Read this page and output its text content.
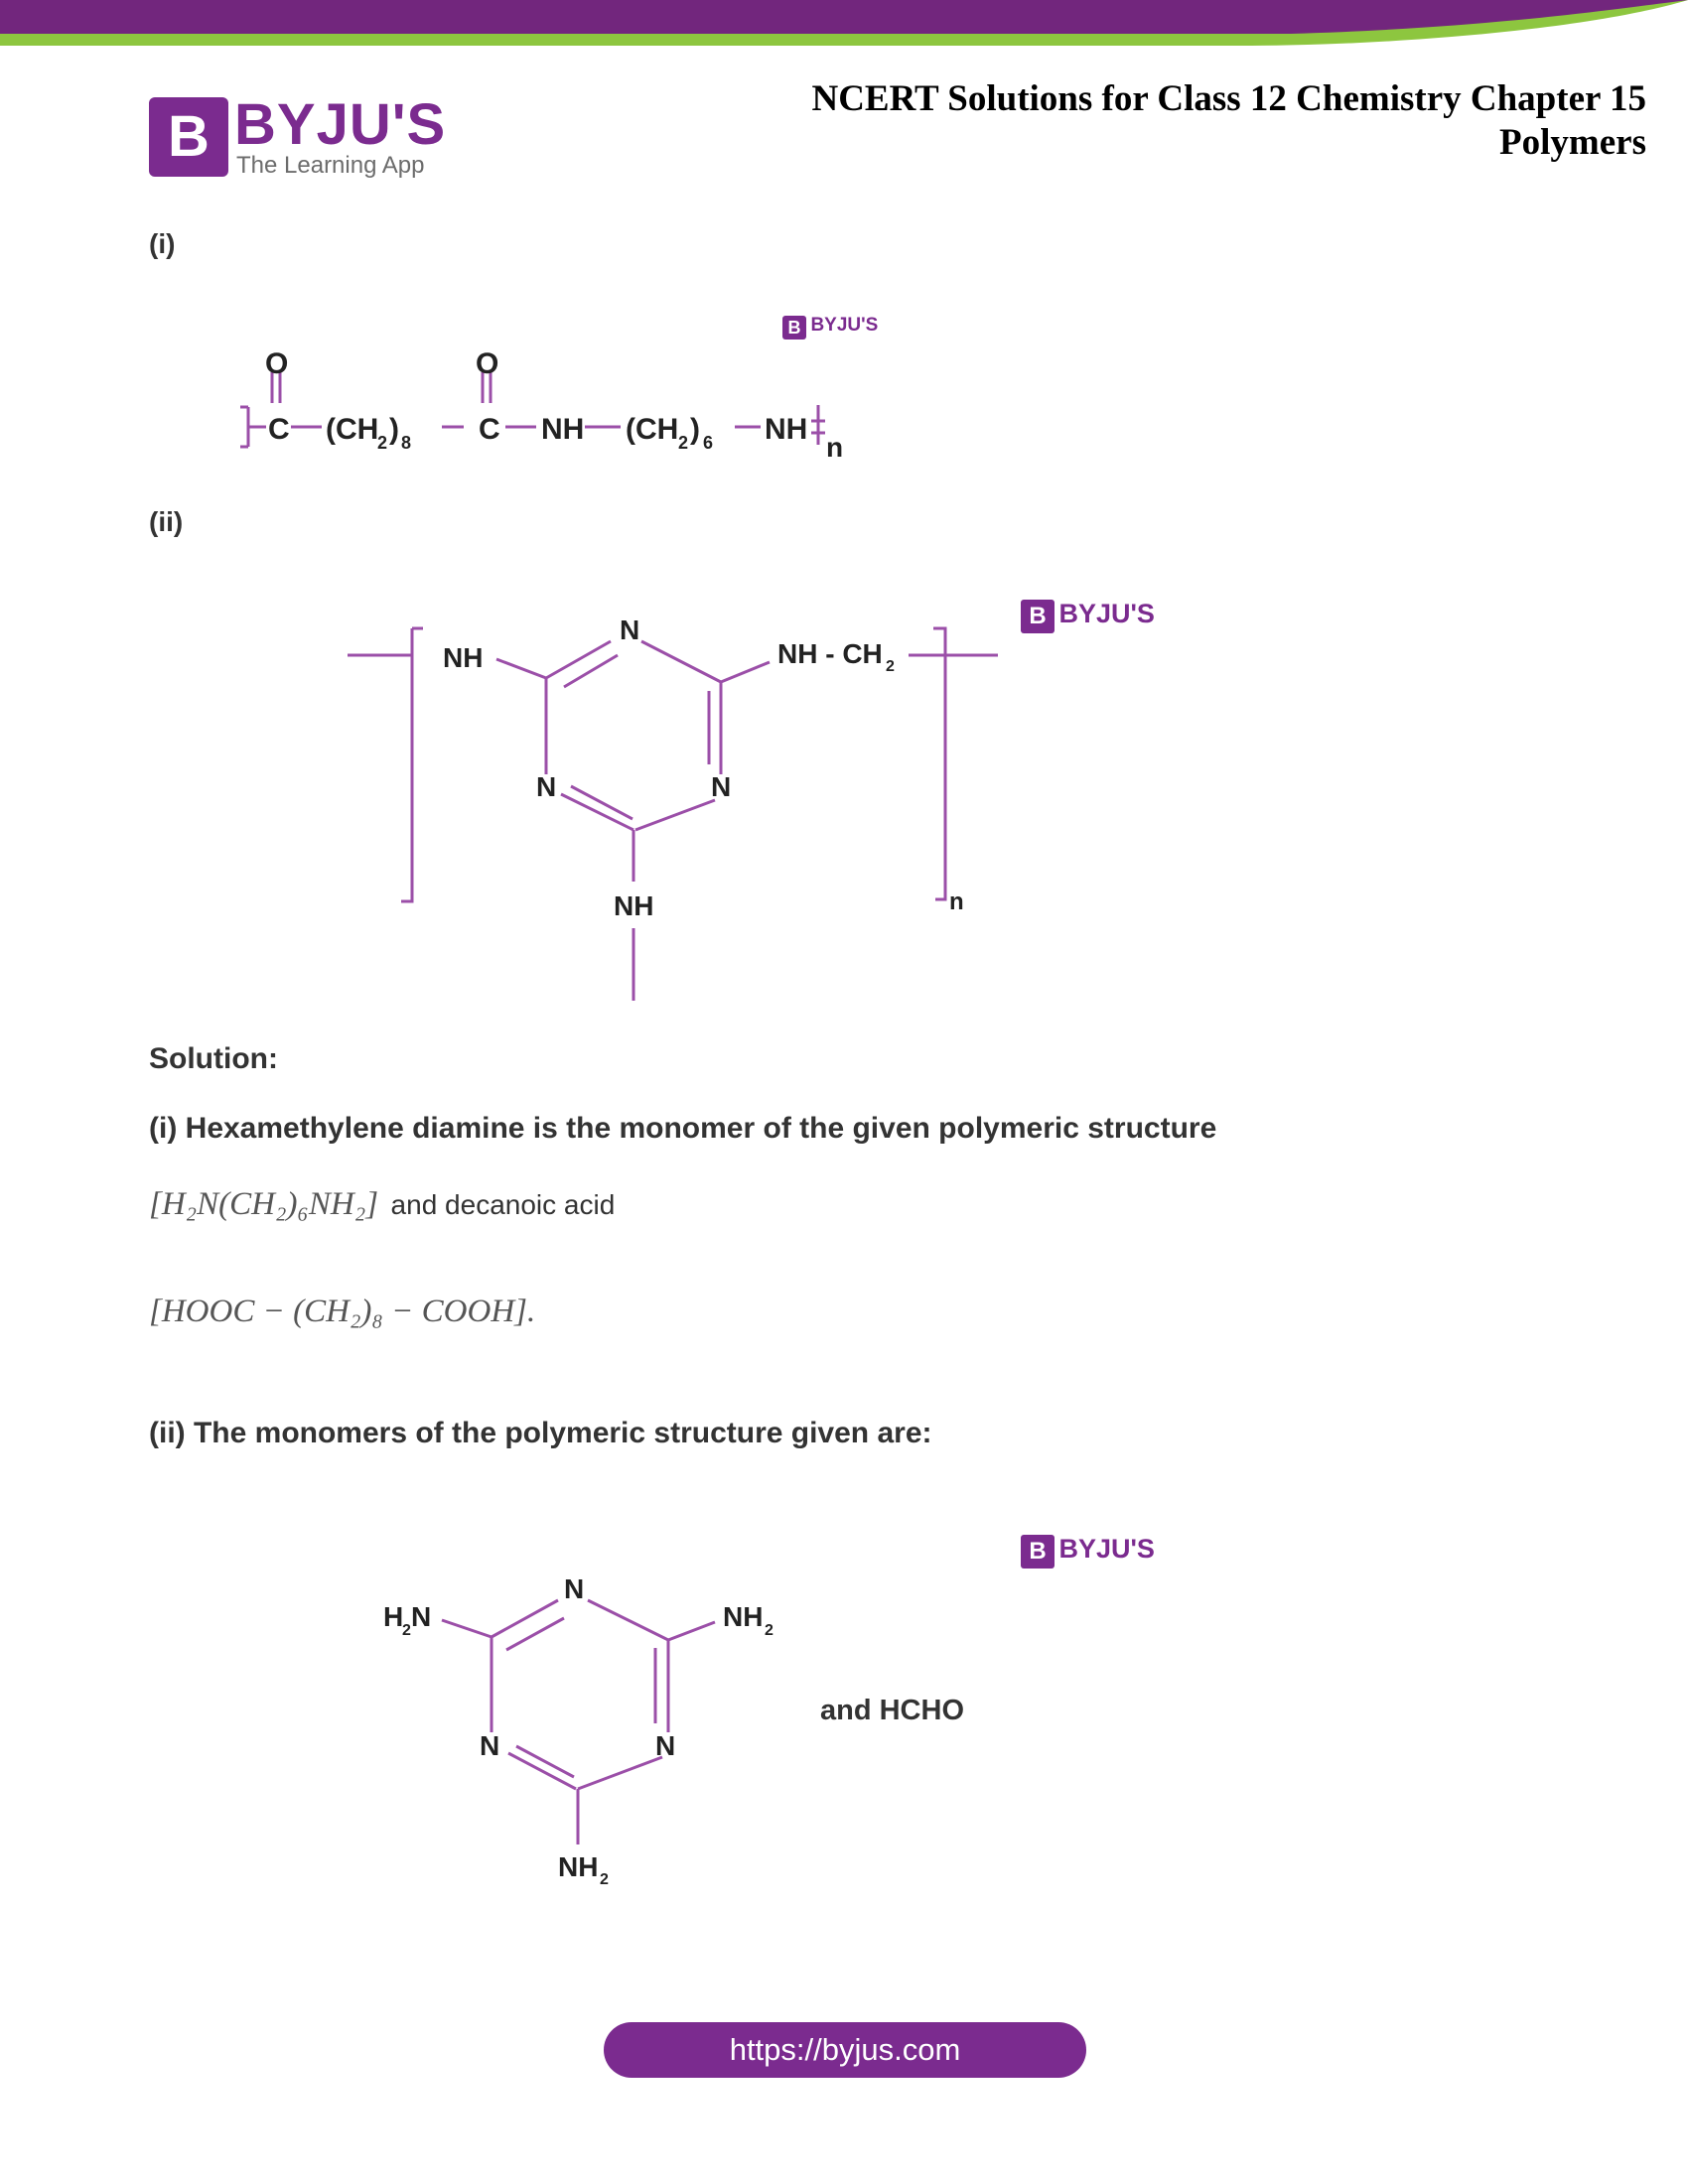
B BYJU'S
The Learning App
NCERT Solutions for Class 12 Chemistry Chapter 15
Polymers
(i)
B BYJU'S
O	O
C	C
(CH
2 ) 8	NH (CH 2 ) 6 NH
n
(ii)
B BYJU'S
NH
N
NH - CH 2
N	N
NH	n
Solution:
(i) Hexamethylene diamine is the monomer of the given polymeric structure
[H₂N(CH₂)₆NH₂] and decanoic acid
[HOOC − (CH₂)₈ − COOH].
(ii) The monomers of the polymeric structure given are:
B BYJU'S
H
2 N
N
NH 2
N	N
NH 2
and HCHO
https://byjus.com
